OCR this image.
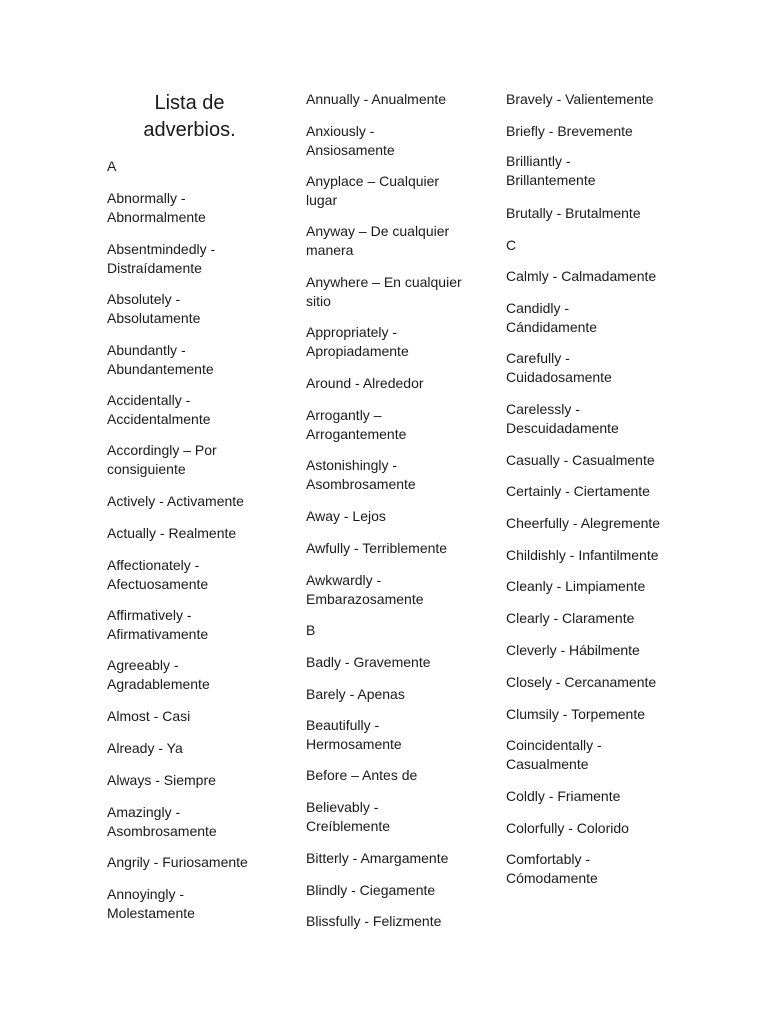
Lista de adverbios.
A
Abnormally -
Abnormalmente
Absentmindedly -
Distraídamente
Absolutely -
Absolutamente
Abundantly -
Abundantemente
Accidentally -
Accidentalmente
Accordingly – Por
consiguiente
Actively - Activamente
Actually - Realmente
Affectionately -
Afectuosamente
Affirmatively -
Afirmativamente
Agreeably -
Agradablemente
Almost - Casi
Already - Ya
Always - Siempre
Amazingly -
Asombrosamente
Angrily - Furiosamente
Annoyingly -
Molestamente
Annually - Anualmente
Anxiously -
Ansiosamente
Anyplace – Cualquier
lugar
Anyway – De cualquier
manera
Anywhere – En cualquier
sitio
Appropriately -
Apropiadamente
Around - Alrededor
Arrogantly –
Arrogantemente
Astonishingly -
Asombrosamente
Away - Lejos
Awfully - Terriblemente
Awkwardly -
Embarazosamente
B
Badly - Gravemente
Barely - Apenas
Beautifully -
Hermosamente
Before – Antes de
Believably -
Creíblemente
Bitterly - Amargamente
Blindly - Ciegamente
Blissfully - Felizmente
Bravely - Valientemente
Briefly - Brevemente
Brilliantly -
Brillantemente
Brutally - Brutalmente
C
Calmly - Calmadamente
Candidly -
Cándidamente
Carefully -
Cuidadosamente
Carelessly -
Descuidadamente
Casually - Casualmente
Certainly - Ciertamente
Cheerfully - Alegremente
Childishly - Infantilmente
Cleanly - Limpiamente
Clearly - Claramente
Cleverly - Hábilmente
Closely - Cercanamente
Clumsily - Torpemente
Coincidentally -
Casualmente
Coldly - Friamente
Colorfully - Colorido
Comfortably -
Cómodamente
